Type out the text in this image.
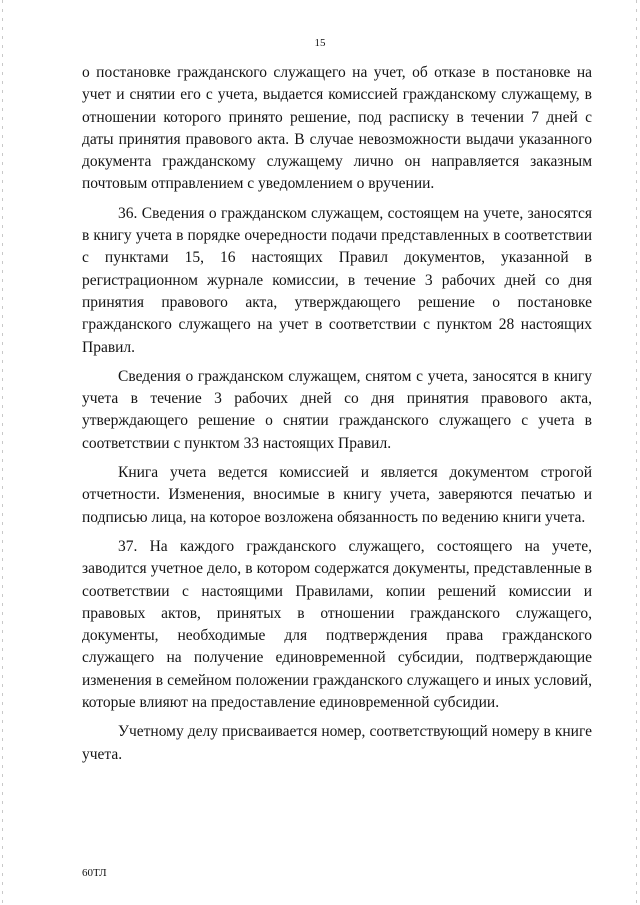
15

о постановке гражданского служащего на учет, об отказе в постановке на учет и снятии его с учета, выдается комиссией гражданскому служащему, в отношении которого принято решение, под расписку в течении 7 дней с даты принятия правового акта. В случае невозможности выдачи указанного документа гражданскому служащему лично он направляется заказным почтовым отправлением с уведомлением о вручении.

36. Сведения о гражданском служащем, состоящем на учете, заносятся в книгу учета в порядке очередности подачи представленных в соответствии с пунктами 15, 16 настоящих Правил документов, указанной в регистрационном журнале комиссии, в течение 3 рабочих дней со дня принятия правового акта, утверждающего решение о постановке гражданского служащего на учет в соответствии с пунктом 28 настоящих Правил.

Сведения о гражданском служащем, снятом с учета, заносятся в книгу учета в течение 3 рабочих дней со дня принятия правового акта, утверждающего решение о снятии гражданского служащего с учета в соответствии с пунктом 33 настоящих Правил.

Книга учета ведется комиссией и является документом строгой отчетности. Изменения, вносимые в книгу учета, заверяются печатью и подписью лица, на которое возложена обязанность по ведению книги учета.

37. На каждого гражданского служащего, состоящего на учете, заводится учетное дело, в котором содержатся документы, представленные в соответствии с настоящими Правилами, копии решений комиссии и правовых актов, принятых в отношении гражданского служащего, документы, необходимые для подтверждения права гражданского служащего на получение единовременной субсидии, подтверждающие изменения в семейном положении гражданского служащего и иных условий, которые влияют на предоставление единовременной субсидии.

Учетному делу присваивается номер, соответствующий номеру в книге учета.

60ТЛ
